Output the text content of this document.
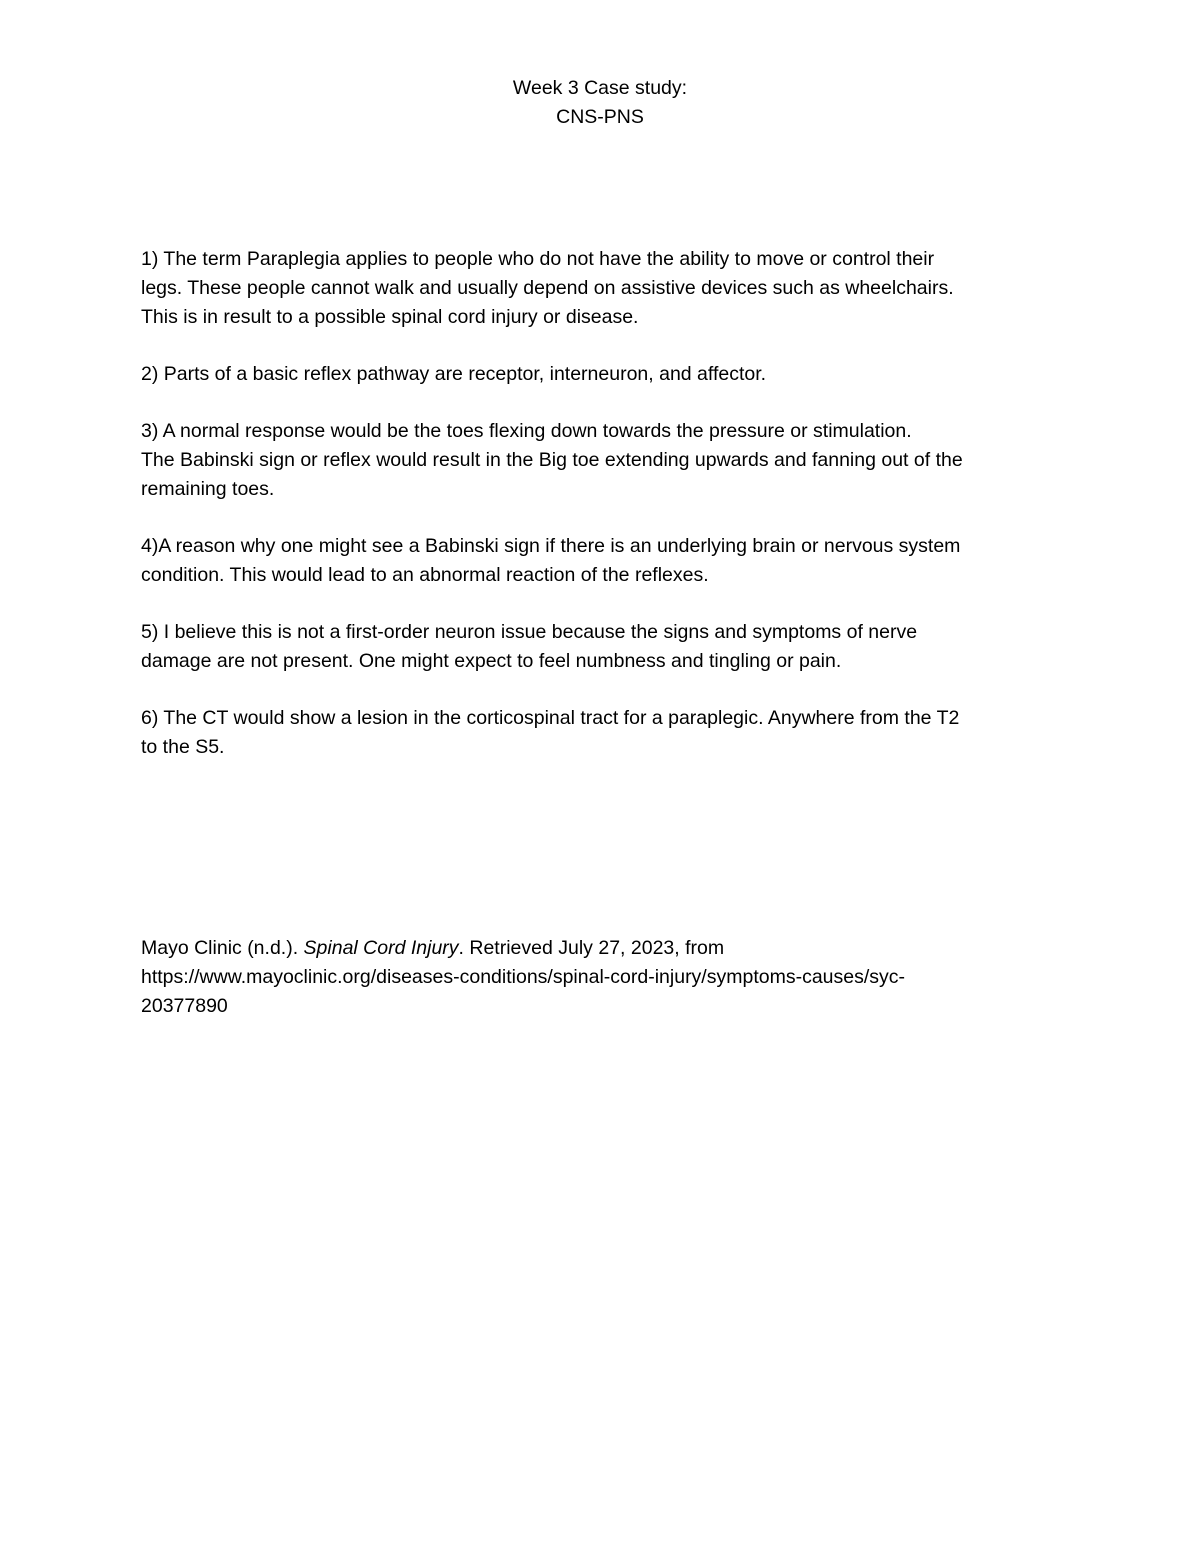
Week 3 Case study:
CNS-PNS
1) The term Paraplegia applies to people who do not have the ability to move or control their
legs. These people cannot walk and usually depend on assistive devices such as wheelchairs.
This is in result to a possible spinal cord injury or disease.
2) Parts of a basic reflex pathway are receptor, interneuron, and affector.
3) A normal response would be the toes flexing down towards the pressure or stimulation.
The Babinski sign or reflex would result in the Big toe extending upwards and fanning out of the
remaining toes.
4)A reason why one might see a Babinski sign if there is an underlying brain or nervous system
condition. This would lead to an abnormal reaction of the reflexes.
5) I believe this is not a first-order neuron issue because the signs and symptoms of nerve
damage are not present. One might expect to feel numbness and tingling or pain.
6) The CT would show a lesion in the corticospinal tract for a paraplegic. Anywhere from the T2
to the S5.
Mayo Clinic (n.d.). Spinal Cord Injury. Retrieved July 27, 2023, from
https://www.mayoclinic.org/diseases-conditions/spinal-cord-injury/symptoms-causes/syc-
20377890
